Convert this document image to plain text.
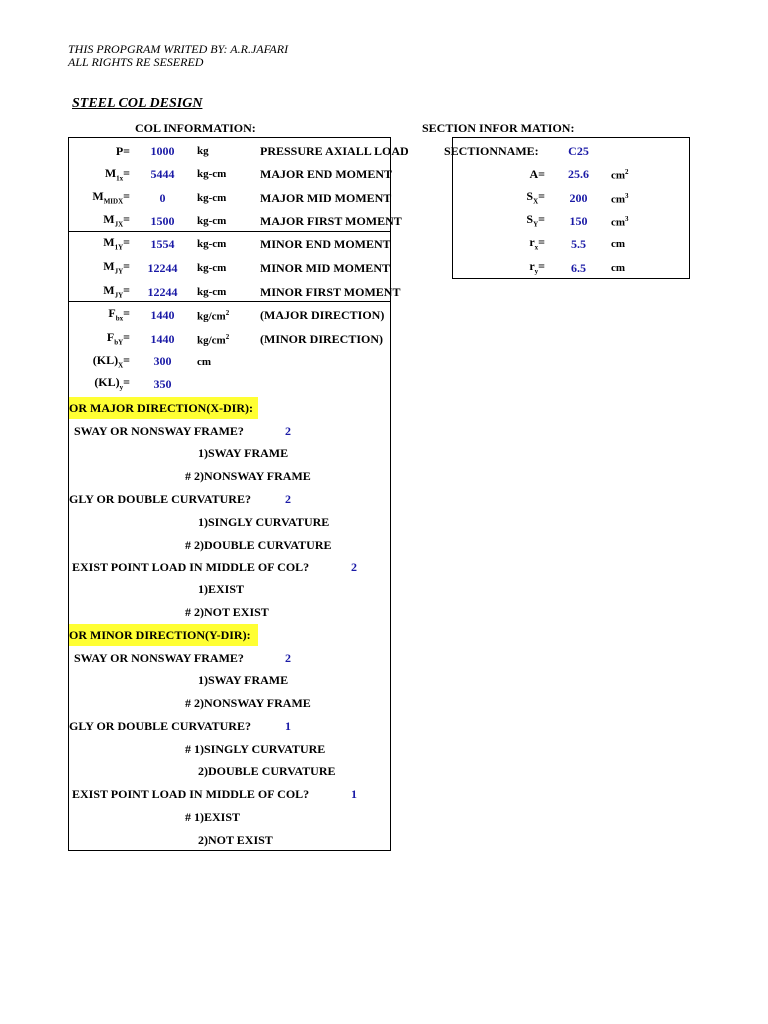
THIS PROPGRAM WRITED BY: A.R.JAFARI
ALL RIGHTS RE SESERED
STEEL COL DESIGN
COL INFORMATION:	SECTION INFOR MATION:
P=	1000	kg	PRESSURE AXIALL LOAD
$M_{1x}=$	5444	kg-cm	MAJOR END MOMENT
$M_{MIDX}=$	0	kg-cm	MAJOR MID MOMENT
$M_{JX}=$	1500	kg-cm	MAJOR FIRST MOMENT
$M_{1Y}=$	1554	kg-cm	MINOR END MOMENT
$M_{JY}=$	12244	kg-cm	MINOR MID MOMENT
$M_{JY}=$	12244	kg-cm	MINOR FIRST MOMENT
$F_{bx}=$	1440	$kg/cm^2$	(MAJOR DIRECTION)
$F_{bY}=$	1440	$kg/cm^2$	(MINOR DIRECTION)
$(KL)_X=$	300	cm
$(KL)_y=$	350
SECTIONNAME:	C25
A=	25.6	$cm^2$
$S_X=$	200	$cm^3$
$S_Y=$	150	$cm^3$
$r_x=$	5.5	cm
$r_y=$	6.5	cm
OR MAJOR DIRECTION(X-DIR):
SWAY OR NONSWAY FRAME?	2
1)SWAY FRAME
# 2)NONSWAY FRAME
GLY OR DOUBLE CURVATURE?	2
1)SINGLY CURVATURE
# 2)DOUBLE CURVATURE
EXIST POINT LOAD IN MIDDLE OF COL?	2
1)EXIST
# 2)NOT EXIST
OR MINOR DIRECTION(Y-DIR):
SWAY OR NONSWAY FRAME?	2
1)SWAY FRAME
# 2)NONSWAY FRAME
GLY OR DOUBLE CURVATURE?	1
# 1)SINGLY CURVATURE
2)DOUBLE CURVATURE
EXIST POINT LOAD IN MIDDLE OF COL?	1
# 1)EXIST
2)NOT EXIST
